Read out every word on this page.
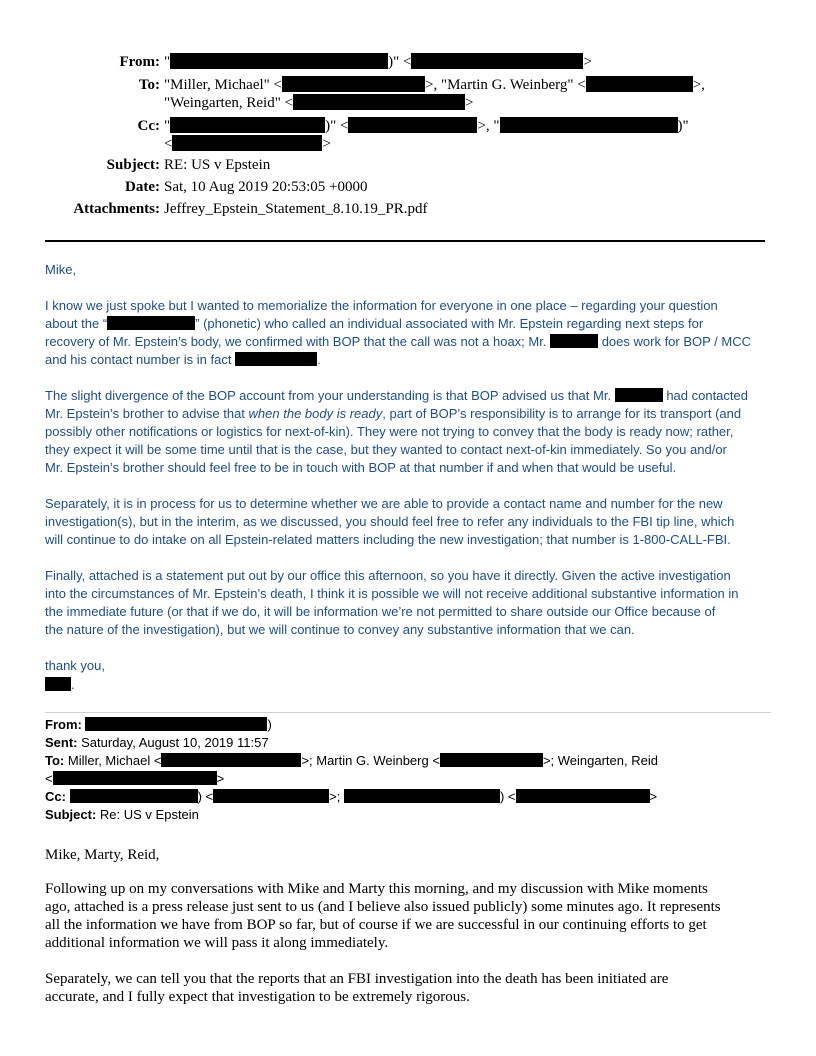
From: "	)" <	>
To: "Miller, Michael" <	>, "Martin G. Weinberg" <	>,
"Weingarten, Reid" <	>
Cc: "	)" <	>, "	)"
<	>
Subject: RE: US v Epstein
Date: Sat, 10 Aug 2019 20:53:05 +0000
Attachments: Jeffrey_Epstein_Statement_8.10.19_PR.pdf
Mike,
I know we just spoke but I wanted to memorialize the information for everyone in one place – regarding your question
about the “	” (phonetic) who called an individual associated with Mr. Epstein regarding next steps for
recovery of Mr. Epstein’s body, we confirmed with BOP that the call was not a hoax; Mr.	does work for BOP / MCC
and his contact number is in fact	.
The slight divergence of the BOP account from your understanding is that BOP advised us that Mr.	had contacted
Mr. Epstein’s brother to advise that when the body is ready, part of BOP’s responsibility is to arrange for its transport (and
possibly other notifications or logistics for next-of-kin). They were not trying to convey that the body is ready now; rather,
they expect it will be some time until that is the case, but they wanted to contact next-of-kin immediately. So you and/or
Mr. Epstein’s brother should feel free to be in touch with BOP at that number if and when that would be useful.
Separately, it is in process for us to determine whether we are able to provide a contact name and number for the new
investigation(s), but in the interim, as we discussed, you should feel free to refer any individuals to the FBI tip line, which
will continue to do intake on all Epstein-related matters including the new investigation; that number is 1-800-CALL-FBI.
Finally, attached is a statement put out by our office this afternoon, so you have it directly. Given the active investigation
into the circumstances of Mr. Epstein’s death, I think it is possible we will not receive additional substantive information in
the immediate future (or that if we do, it will be information we’re not permitted to share outside our Office because of
the nature of the investigation), but we will continue to convey any substantive information that we can.
thank you,
.
From:	)
Sent: Saturday, August 10, 2019 11:57
To: Miller, Michael <	>; Martin G. Weinberg <	>; Weingarten, Reid
<	>
Cc:	) <	>;	) <	>
Subject: Re: US v Epstein
Mike, Marty, Reid,
Following up on my conversations with Mike and Marty this morning, and my discussion with Mike moments
ago, attached is a press release just sent to us (and I believe also issued publicly) some minutes ago. It represents
all the information we have from BOP so far, but of course if we are successful in our continuing efforts to get
additional information we will pass it along immediately.
Separately, we can tell you that the reports that an FBI investigation into the death has been initiated are
accurate, and I fully expect that investigation to be extremely rigorous.
